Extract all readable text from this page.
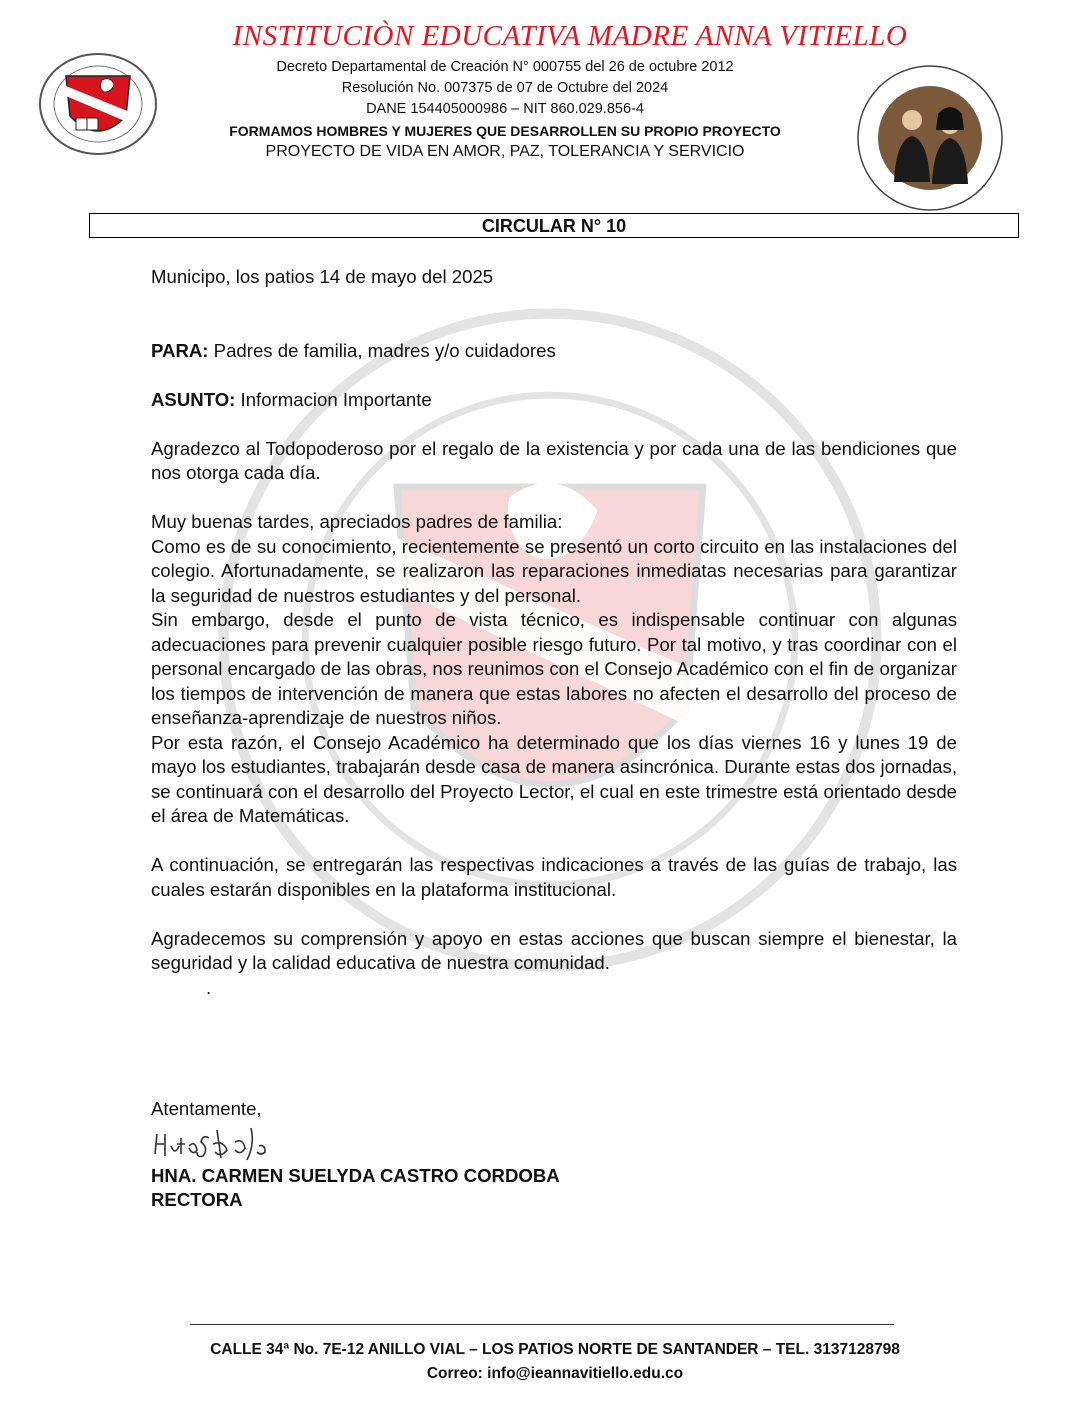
INSTITUCIÒN EDUCATIVA MADRE ANNA VITIELLO
Decreto Departamental de Creación N° 000755 del 26 de octubre 2012
Resolución No. 007375 de 07 de Octubre del 2024
DANE 154405000986 – NIT 860.029.856-4
FORMAMOS HOMBRES Y MUJERES QUE DESARROLLEN SU PROPIO PROYECTO
PROYECTO DE VIDA EN AMOR, PAZ, TOLERANCIA Y SERVICIO
CIRCULAR N° 10

Municipo, los patios 14 de mayo del 2025

PARA: Padres de familia, madres y/o cuidadores

ASUNTO: Informacion Importante

Agradezco al Todopoderoso por el regalo de la existencia y por cada una de las bendiciones que nos otorga cada día.

Muy buenas tardes, apreciados padres de familia:

Como es de su conocimiento, recientemente se presentó un corto circuito en las instalaciones del colegio. Afortunadamente, se realizaron las reparaciones inmediatas necesarias para garantizar la seguridad de nuestros estudiantes y del personal.

Sin embargo, desde el punto de vista técnico, es indispensable continuar con algunas adecuaciones para prevenir cualquier posible riesgo futuro. Por tal motivo, y tras coordinar con el personal encargado de las obras, nos reunimos con el Consejo Académico con el fin de organizar los tiempos de intervención de manera que estas labores no afecten el desarrollo del proceso de enseñanza-aprendizaje de nuestros niños.

Por esta razón, el Consejo Académico ha determinado que los días viernes 16 y lunes 19 de mayo los estudiantes, trabajarán desde casa de manera asincrónica. Durante estas dos jornadas, se continuará con el desarrollo del Proyecto Lector, el cual en este trimestre está orientado desde el área de Matemáticas.

A continuación, se entregarán las respectivas indicaciones a través de las guías de trabajo, las cuales estarán disponibles en la plataforma institucional.

Agradecemos su comprensión y apoyo en estas acciones que buscan siempre el bienestar, la seguridad y la calidad educativa de nuestra comunidad.

.

Atentamente,
HNA. CARMEN SUELYDA CASTRO CORDOBA
RECTORA
CALLE 34ª No. 7E-12 ANILLO VIAL – LOS PATIOS NORTE DE SANTANDER – TEL. 3137128798
Correo: info@ieannavitiello.edu.co
